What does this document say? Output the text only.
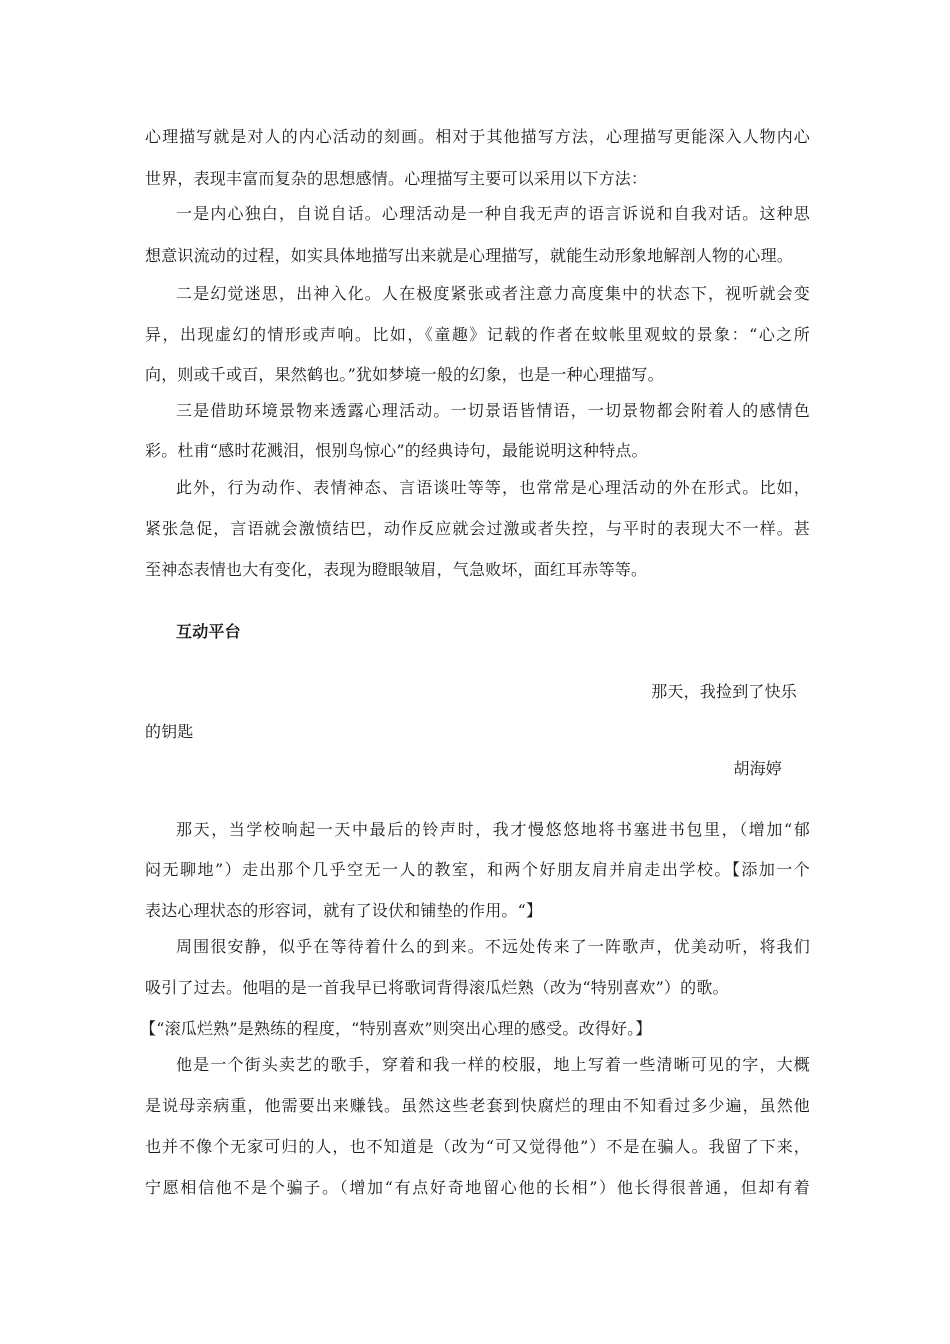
心理描写就是对人的内心活动的刻画。相对于其他描写方法，心理描写更能深入人物内心
世界，表现丰富而复杂的思想感情。心理描写主要可以采用以下方法：
一是内心独白，自说自话。心理活动是一种自我无声的语言诉说和自我对话。这种思
想意识流动的过程，如实具体地描写出来就是心理描写，就能生动形象地解剖人物的心理。
二是幻觉迷思，出神入化。人在极度紧张或者注意力高度集中的状态下，视听就会变
异，出现虚幻的情形或声响。比如，《童趣》记载的作者在蚊帐里观蚊的景象：“心之所
向，则或千或百，果然鹤也。”犹如梦境一般的幻象，也是一种心理描写。
三是借助环境景物来透露心理活动。一切景语皆情语，一切景物都会附着人的感情色
彩。杜甫“感时花溅泪，恨别鸟惊心”的经典诗句，最能说明这种特点。
此外，行为动作、表情神态、言语谈吐等等，也常常是心理活动的外在形式。比如，
紧张急促，言语就会激愤结巴，动作反应就会过激或者失控，与平时的表现大不一样。甚
至神态表情也大有变化，表现为瞪眼皱眉，气急败坏，面红耳赤等等。
互动平台
那天，我捡到了快乐
的钥匙
胡海婷
那天，当学校响起一天中最后的铃声时，我才慢悠悠地将书塞进书包里，（增加“郁
闷无聊地”）走出那个几乎空无一人的教室，和两个好朋友肩并肩走出学校。【添加一个
表达心理状态的形容词，就有了设伏和铺垫的作用。“】
周围很安静，似乎在等待着什么的到来。不远处传来了一阵歌声，优美动听，将我们
吸引了过去。他唱的是一首我早已将歌词背得滚瓜烂熟（改为“特别喜欢”）的歌。
【“滚瓜烂熟”是熟练的程度，“特别喜欢”则突出心理的感受。改得好。】
他是一个街头卖艺的歌手，穿着和我一样的校服，地上写着一些清晰可见的字，大概
是说母亲病重，他需要出来赚钱。虽然这些老套到快腐烂的理由不知看过多少遍，虽然他
也并不像个无家可归的人，也不知道是（改为“可又觉得他”）不是在骗人。我留了下来，
宁愿相信他不是个骗子。（增加“有点好奇地留心他的长相”）他长得很普通，但却有着
